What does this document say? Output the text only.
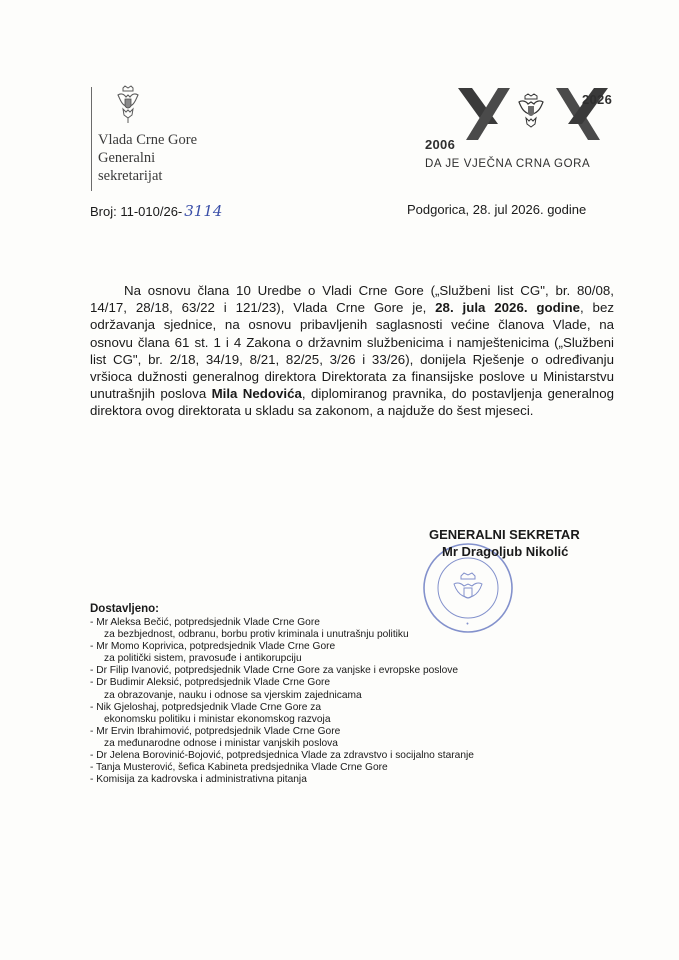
Vlada Crne Gore
Generalni
sekretarijat
2006
2026
DA JE VJEČNA CRNA GORA
Broj: 11-010/26- 3114	Podgorica, 28. jul 2026. godine
Na osnovu člana 10 Uredbe o Vladi Crne Gore („Službeni list CG", br. 80/08, 14/17, 28/18, 63/22 i 121/23), Vlada Crne Gore je, 28. jula 2026. godine, bez održavanja sjednice, na osnovu pribavljenih saglasnosti većine članova Vlade, na osnovu člana 61 st. 1 i 4 Zakona o državnim službenicima i namještenicima („Službeni list CG", br. 2/18, 34/19, 8/21, 82/25, 3/26 i 33/26), donijela Rješenje o određivanju vršioca dužnosti generalnog direktora Direktorata za finansijske poslove u Ministarstvu unutrašnjih poslova Mila Nedovića, diplomiranog pravnika, do postavljenja generalnog direktora ovog direktorata u skladu sa zakonom, a najduže do šest mjeseci.
•
GENERALNI SEKRETAR
Mr Dragoljub Nikolić
Dostavljeno:
- Mr Aleksa Bečić, potpredsjednik Vlade Crne Gore
za bezbjednost, odbranu, borbu protiv kriminala i unutrašnju politiku
- Mr Momo Koprivica, potpredsjednik Vlade Crne Gore
za politički sistem, pravosuđe i antikorupciju
- Dr Filip Ivanović, potpredsjednik Vlade Crne Gore za vanjske i evropske poslove
- Dr Budimir Aleksić, potpredsjednik Vlade Crne Gore
za obrazovanje, nauku i odnose sa vjerskim zajednicama
- Nik Gjeloshaj, potpredsjednik Vlade Crne Gore za
ekonomsku politiku i ministar ekonomskog razvoja
- Mr Ervin Ibrahimović, potpredsjednik Vlade Crne Gore
za međunarodne odnose i ministar vanjskih poslova
- Dr Jelena Borovinić-Bojović, potpredsjednica Vlade za zdravstvo i socijalno staranje
- Tanja Musterović, šefica Kabineta predsjednika Vlade Crne Gore
- Komisija za kadrovska i administrativna pitanja
